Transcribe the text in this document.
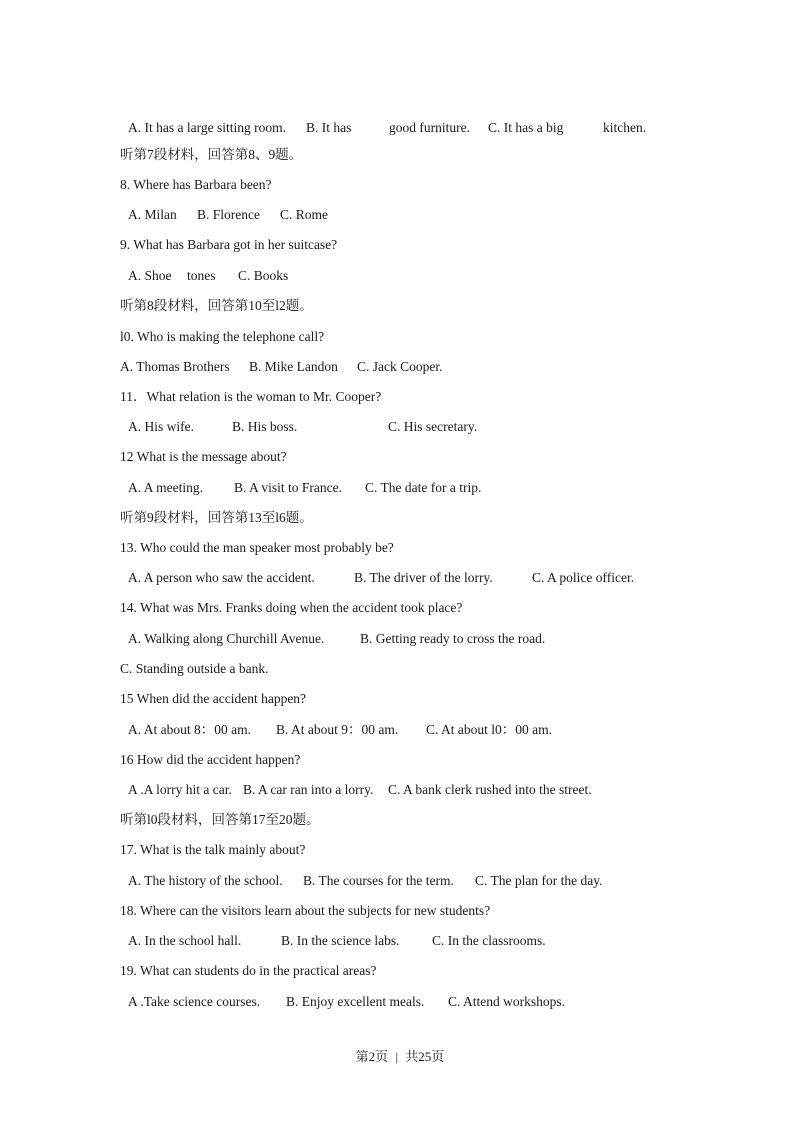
A. It has a large sitting room. B. It has	good furniture. C. It has a big	kitchen.
听第7段材料，回答第8、9题。
8. Where has Barbara been?
A. Milan B. Florence C. Rome
9. What has Barbara got in her suitcase?
A. Shoe tones C. Books
听第8段材料，回答第10至l2题。
l0. Who is making the telephone call?
A. Thomas Brothers B. Mike Landon C. Jack Cooper.
11．What relation is the woman to Mr. Cooper?
A. His wife.	B. His boss.	C. His secretary.
12 What is the message about?
A. A meeting. B. A visit to France. C. The date for a trip.
听第9段材料，回答第13至l6题。
13. Who could the man speaker most probably be?
A. A person who saw the accident.	B. The driver of the lorry.	C. A police officer.
14. What was Mrs. Franks doing when the accident took place?
A. Walking along Churchill Avenue.	B. Getting ready to cross the road.
C. Standing outside a bank.
15 When did the accident happen?
A. At about 8：00 am. B. At about 9：00 am. C. At about l0：00 am.
16 How did the accident happen?
A .A lorry hit a car. B. A car ran into a lorry. C. A bank clerk rushed into the street.
听第l0段材料，回答第17至20题。
17. What is the talk mainly about?
A. The history of the school. B. The courses for the term. C. The plan for the day.
18. Where can the visitors learn about the subjects for new students?
A. In the school hall.	B. In the science labs. C. In the classrooms.
19. What can students do in the practical areas?
A .Take science courses. B. Enjoy excellent meals. C. Attend workshops.
第2页 | 共25页
